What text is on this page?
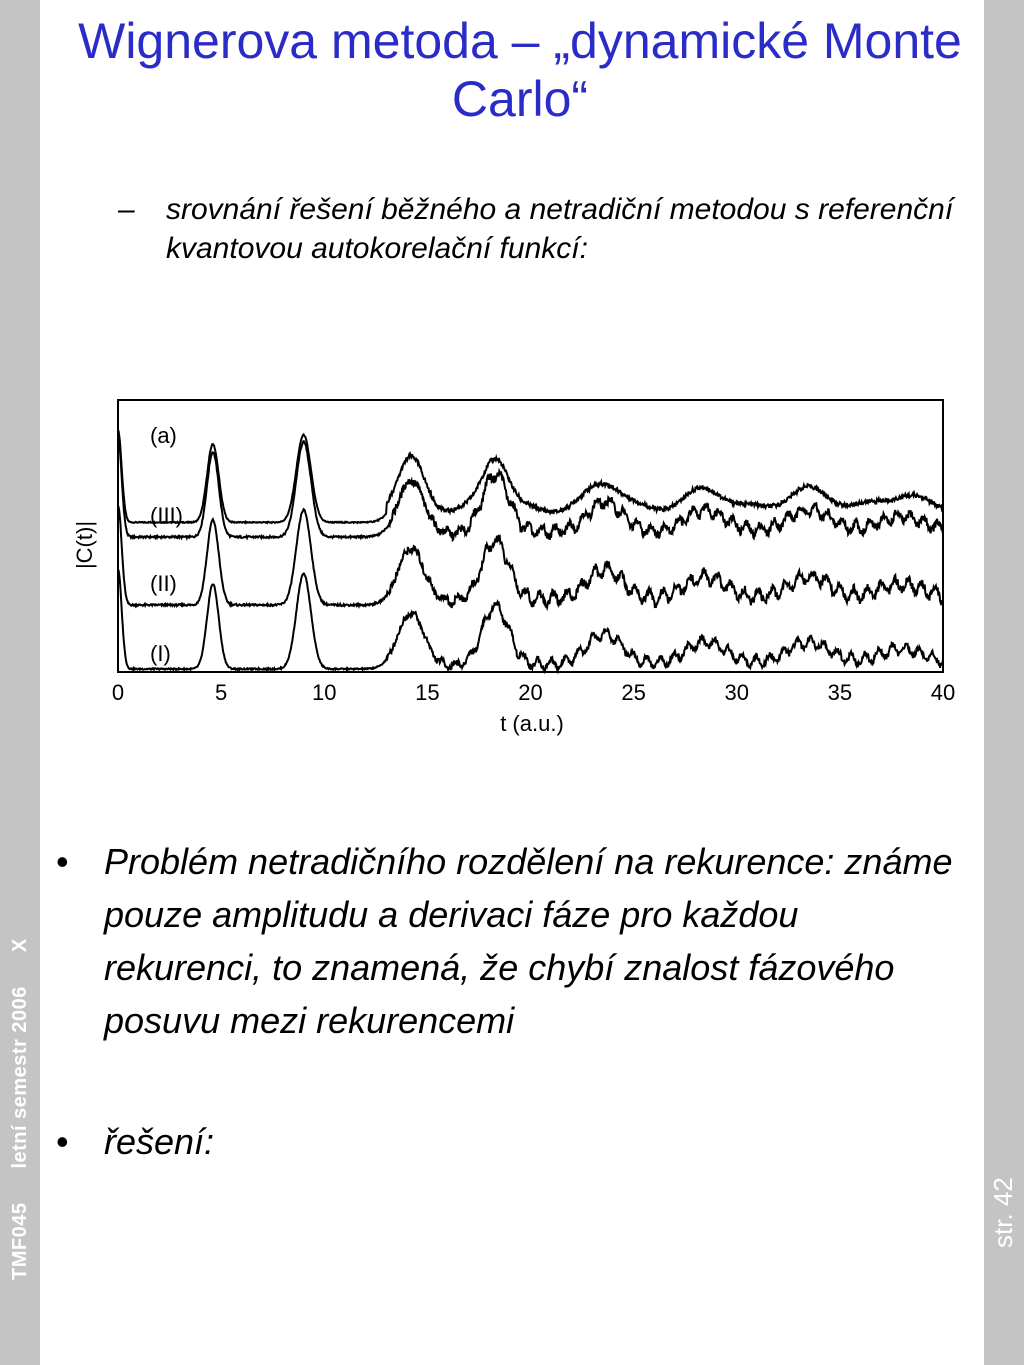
TMF045letní semestr 2006X
str. 42
Wignerova metoda – „dynamické Monte Carlo“
– srovnání řešení běžného a netradiční metodou s referenční kvantovou autokorelační funkcí:
(a)
(III)
(II)
(I)
0	5	10	15	20	25	30	35	40
|C(t)|
t (a.u.)
• Problém netradičního rozdělení na rekurence: známe pouze amplitudu a derivaci fáze pro každou rekurenci, to znamená, že chybí znalost fázového posuvu mezi rekurencemi
• řešení:
